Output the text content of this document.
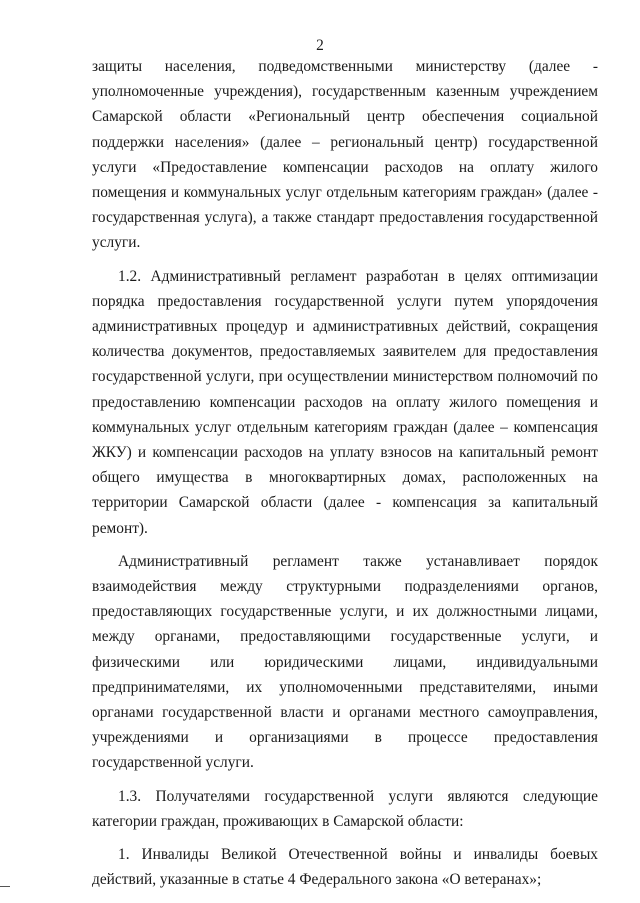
2

защиты населения, подведомственными министерству (далее - уполномоченные учреждения), государственным казенным учреждением Самарской области «Региональный центр обеспечения социальной поддержки населения» (далее – региональный центр) государственной услуги «Предоставление компенсации расходов на оплату жилого помещения и коммунальных услуг отдельным категориям граждан» (далее - государственная услуга), а также стандарт предоставления государственной услуги.

1.2. Административный регламент разработан в целях оптимизации порядка предоставления государственной услуги путем упорядочения административных процедур и административных действий, сокращения количества документов, предоставляемых заявителем для предоставления государственной услуги, при осуществлении министерством полномочий по предоставлению компенсации расходов на оплату жилого помещения и коммунальных услуг отдельным категориям граждан (далее – компенсация ЖКУ) и компенсации расходов на уплату взносов на капитальный ремонт общего имущества в многоквартирных домах, расположенных на территории Самарской области (далее - компенсация за капитальный ремонт).

Административный регламент также устанавливает порядок взаимодействия между структурными подразделениями органов, предоставляющих государственные услуги, и их должностными лицами, между органами, предоставляющими государственные услуги, и физическими или юридическими лицами, индивидуальными предпринимателями, их уполномоченными представителями, иными органами государственной власти и органами местного самоуправления, учреждениями и организациями в процессе предоставления государственной услуги.

1.3. Получателями государственной услуги являются следующие категории граждан, проживающих в Самарской области:

1. Инвалиды Великой Отечественной войны и инвалиды боевых действий, указанные в статье 4 Федерального закона «О ветеранах»;
